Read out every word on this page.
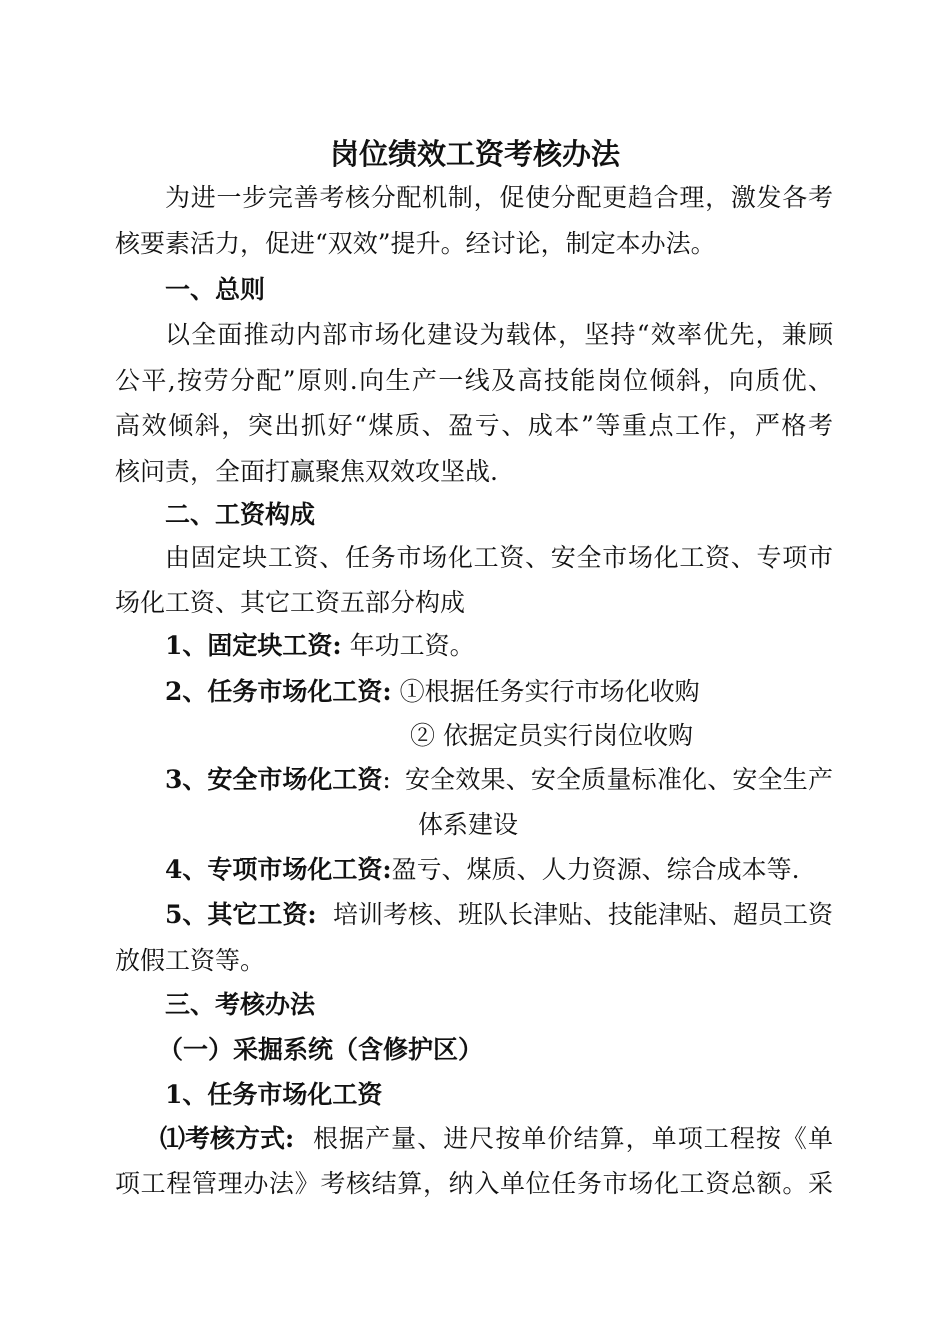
岗位绩效工资考核办法
为进一步完善考核分配机制，促使分配更趋合理，激发各考
核要素活力，促进“双效”提升。经讨论，制定本办法。
一、总则
以全面推动内部市场化建设为载体，坚持“效率优先，兼顾
公平,按劳分配”原则.向生产一线及高技能岗位倾斜，向质优、
高效倾斜，突出抓好“煤质、盈亏、成本”等重点工作，严格考
核问责，全面打赢聚焦双效攻坚战.
二、工资构成
由固定块工资、任务市场化工资、安全市场化工资、专项市
场化工资、其它工资五部分构成
1、固定块工资: 年功工资。
2、任务市场化工资: ①根据任务实行市场化收购
② 依据定员实行岗位收购
3、安全市场化工资: 安全效果、安全质量标准化、安全生产
体系建设
4、专项市场化工资:盈亏、煤质、人力资源、综合成本等.
5、其它工资: 培训考核、班队长津贴、技能津贴、超员工资
放假工资等。
三、考核办法
（一）采掘系统（含修护区）
1、任务市场化工资
⑴考核方式: 根据产量、进尺按单价结算，单项工程按《单
项工程管理办法》考核结算，纳入单位任务市场化工资总额。采
